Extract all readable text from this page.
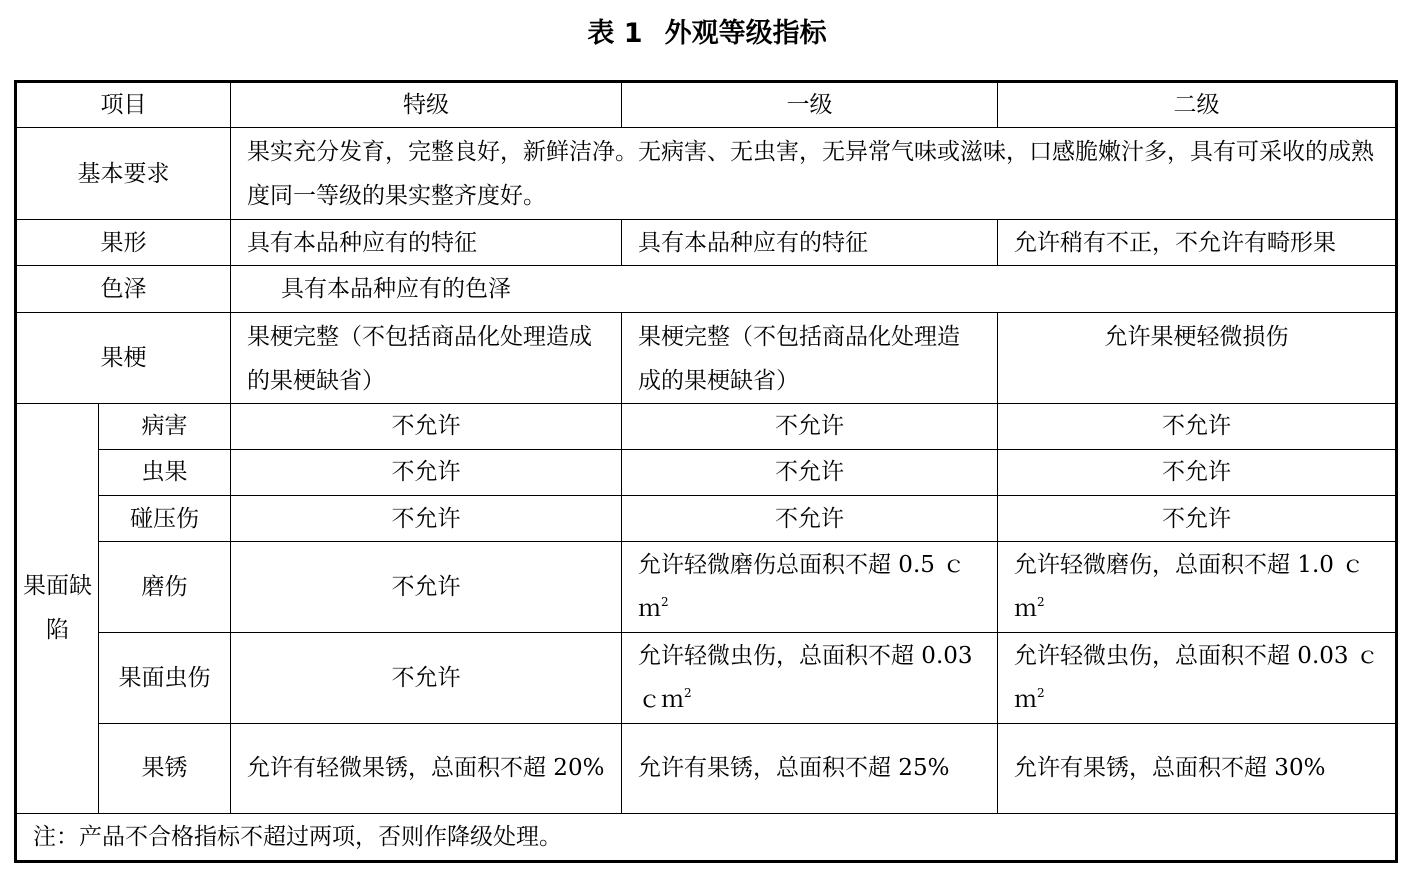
表 1 外观等级指标
项目		特级	一级	二级
基本要求		果实充分发育，完整良好，新鲜洁净。无病害、无虫害，无异常气味或滋味，口感脆嫩汁多，具有可采收的成熟度同一等级的果实整齐度好。		
果形		具有本品种应有的特征	具有本品种应有的特征	允许稍有不正，不允许有畸形果
色泽		具有本品种应有的色泽		
果梗		果梗完整（不包括商品化处理造成的果梗缺省）	果梗完整（不包括商品化处理造成的果梗缺省）	允许果梗轻微损伤
果面缺陷	病害	不允许	不允许	不允许
	虫果	不允许	不允许	不允许
	碰压伤	不允许	不允许	不允许
	磨伤	不允许	允许轻微磨伤总面积不超 0.5 ｃｍ$^2$	允许轻微磨伤，总面积不超 1.0 ｃｍ$^2$
	果面虫伤	不允许	允许轻微虫伤，总面积不超 0.03ｃｍ$^2$	允许轻微虫伤，总面积不超 0.03 ｃｍ$^2$
	果锈	允许有轻微果锈，总面积不超 20%	允许有果锈，总面积不超 25%	允许有果锈，总面积不超 30%
注：产品不合格指标不超过两项，否则作降级处理。				
